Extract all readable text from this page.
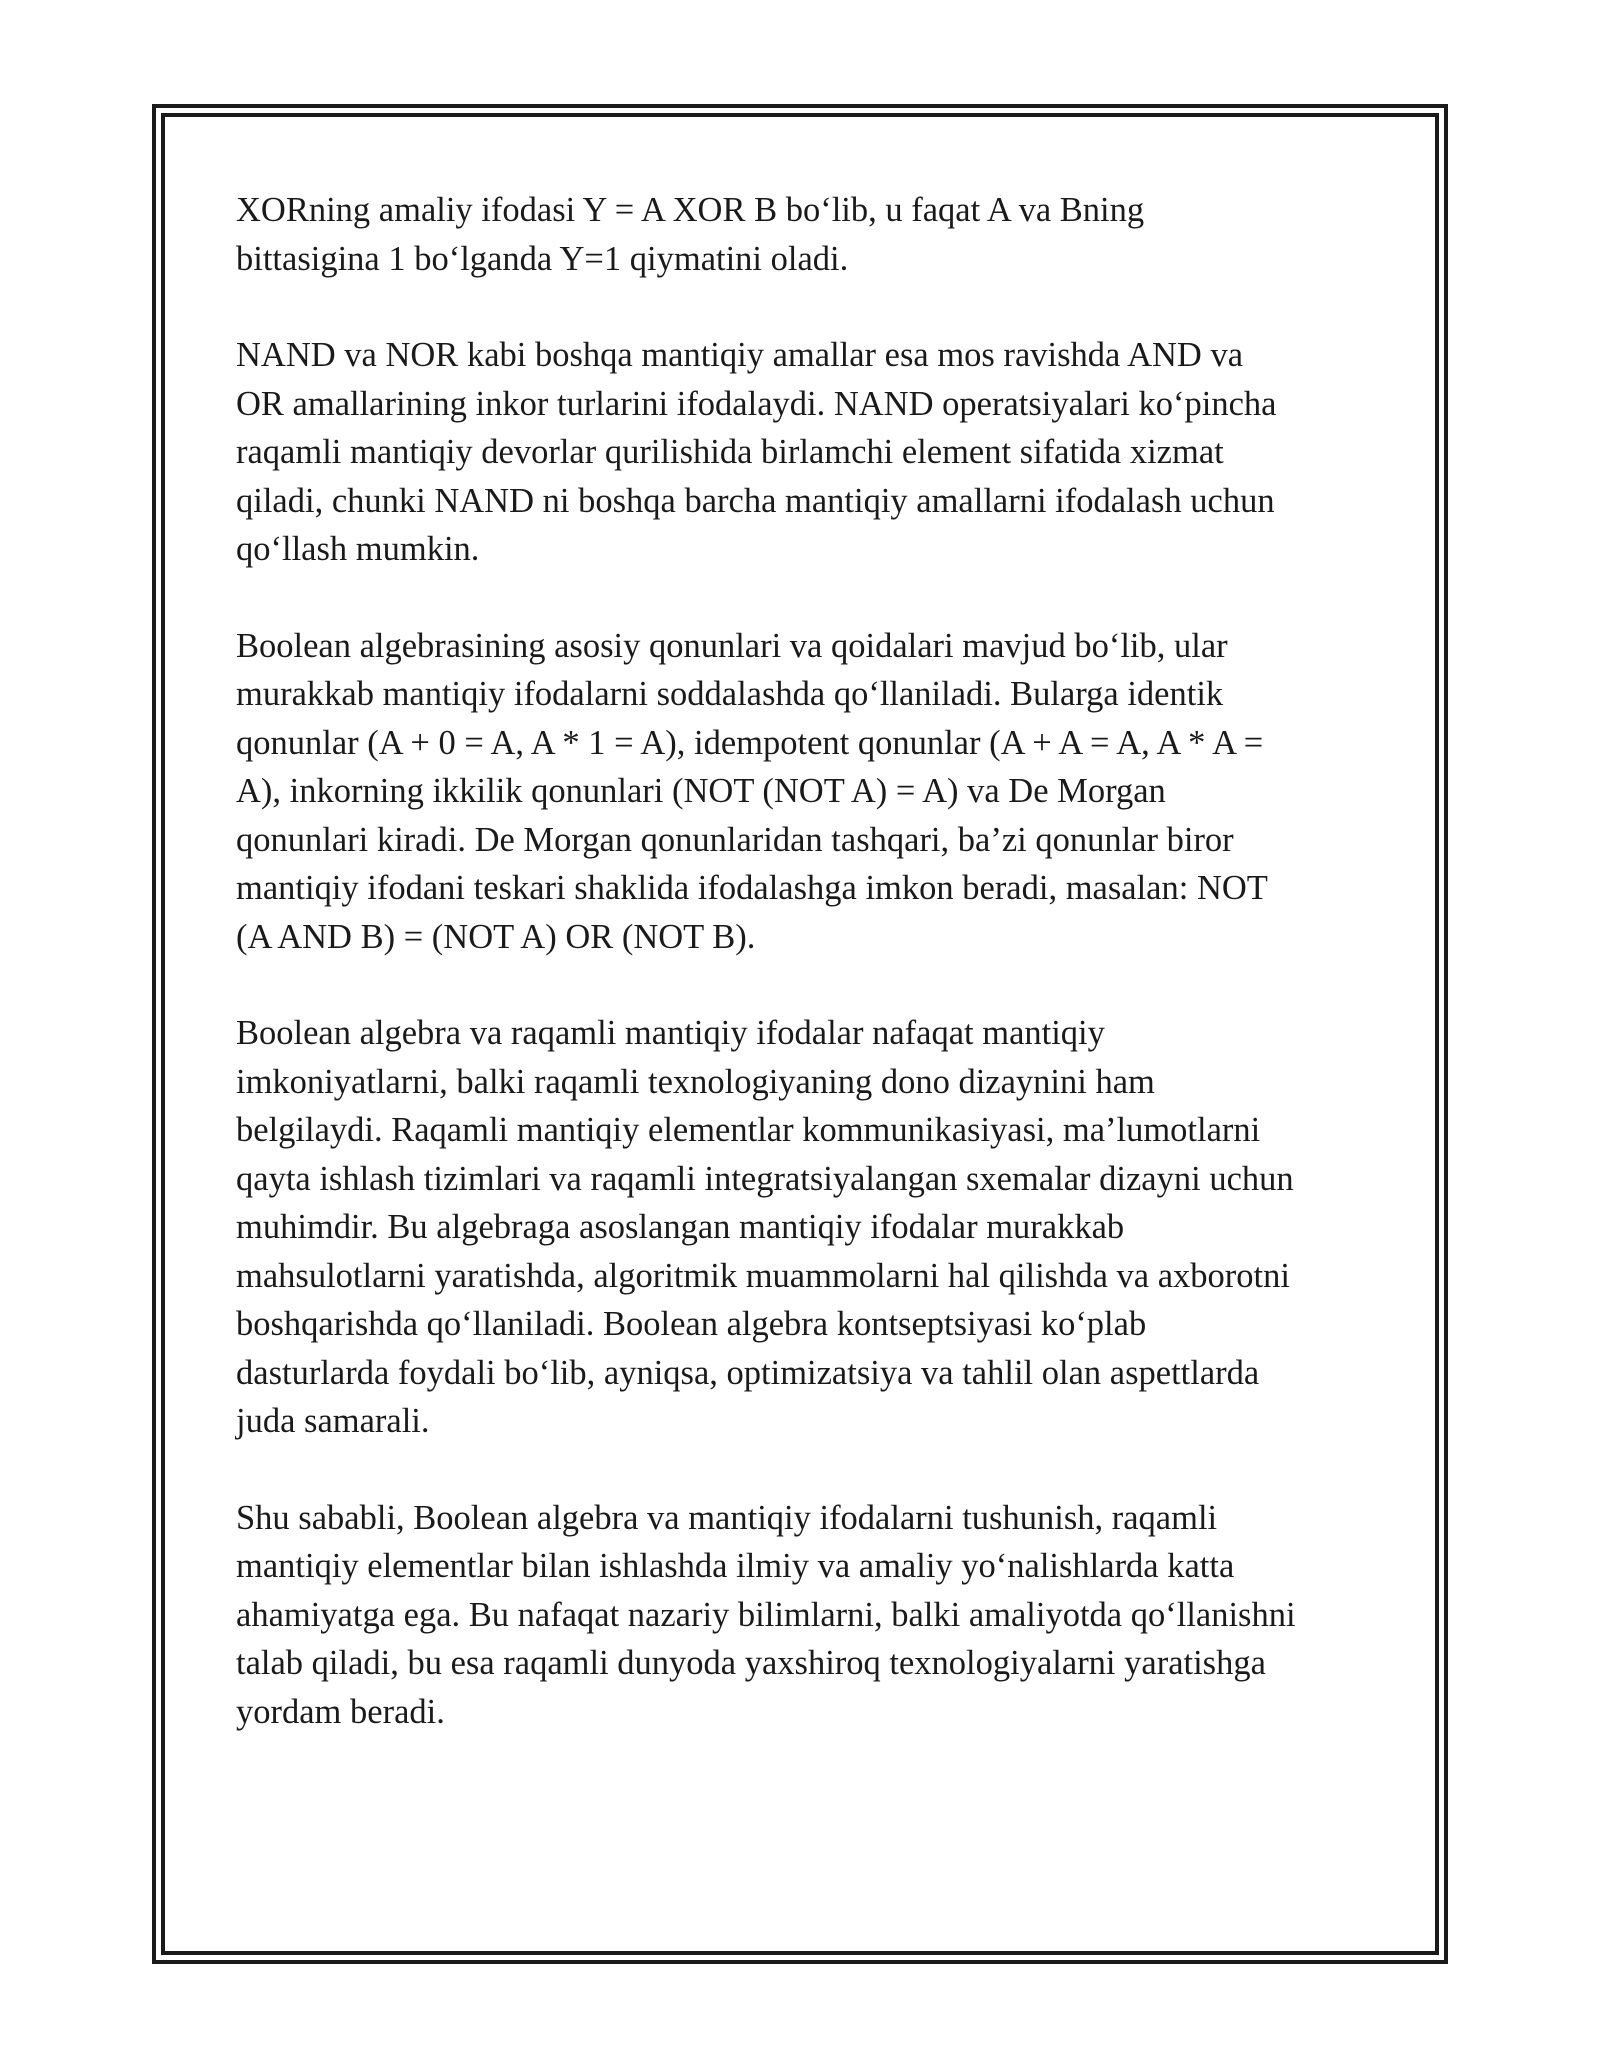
XORning amaliy ifodasi Y = A XOR B bo‘lib, u faqat A va Bning
bittasigina 1 bo‘lganda Y=1 qiymatini oladi.

NAND va NOR kabi boshqa mantiqiy amallar esa mos ravishda AND va
OR amallarining inkor turlarini ifodalaydi. NAND operatsiyalari ko‘pincha
raqamli mantiqiy devorlar qurilishida birlamchi element sifatida xizmat
qiladi, chunki NAND ni boshqa barcha mantiqiy amallarni ifodalash uchun
qo‘llash mumkin.

Boolean algebrasining asosiy qonunlari va qoidalari mavjud bo‘lib, ular
murakkab mantiqiy ifodalarni soddalashda qo‘llaniladi. Bularga identik
qonunlar (A + 0 = A, A * 1 = A), idempotent qonunlar (A + A = A, A * A =
A), inkorning ikkilik qonunlari (NOT (NOT A) = A) va De Morgan
qonunlari kiradi. De Morgan qonunlaridan tashqari, ba’zi qonunlar biror
mantiqiy ifodani teskari shaklida ifodalashga imkon beradi, masalan: NOT
(A AND B) = (NOT A) OR (NOT B).

Boolean algebra va raqamli mantiqiy ifodalar nafaqat mantiqiy
imkoniyatlarni, balki raqamli texnologiyaning dono dizaynini ham
belgilaydi. Raqamli mantiqiy elementlar kommunikasiyasi, ma’lumotlarni
qayta ishlash tizimlari va raqamli integratsiyalangan sxemalar dizayni uchun
muhimdir. Bu algebraga asoslangan mantiqiy ifodalar murakkab
mahsulotlarni yaratishda, algoritmik muammolarni hal qilishda va axborotni
boshqarishda qo‘llaniladi. Boolean algebra kontseptsiyasi ko‘plab
dasturlarda foydali bo‘lib, ayniqsa, optimizatsiya va tahlil olan aspettlarda
juda samarali.

Shu sababli, Boolean algebra va mantiqiy ifodalarni tushunish, raqamli
mantiqiy elementlar bilan ishlashda ilmiy va amaliy yo‘nalishlarda katta
ahamiyatga ega. Bu nafaqat nazariy bilimlarni, balki amaliyotda qo‘llanishni
talab qiladi, bu esa raqamli dunyoda yaxshiroq texnologiyalarni yaratishga
yordam beradi.
